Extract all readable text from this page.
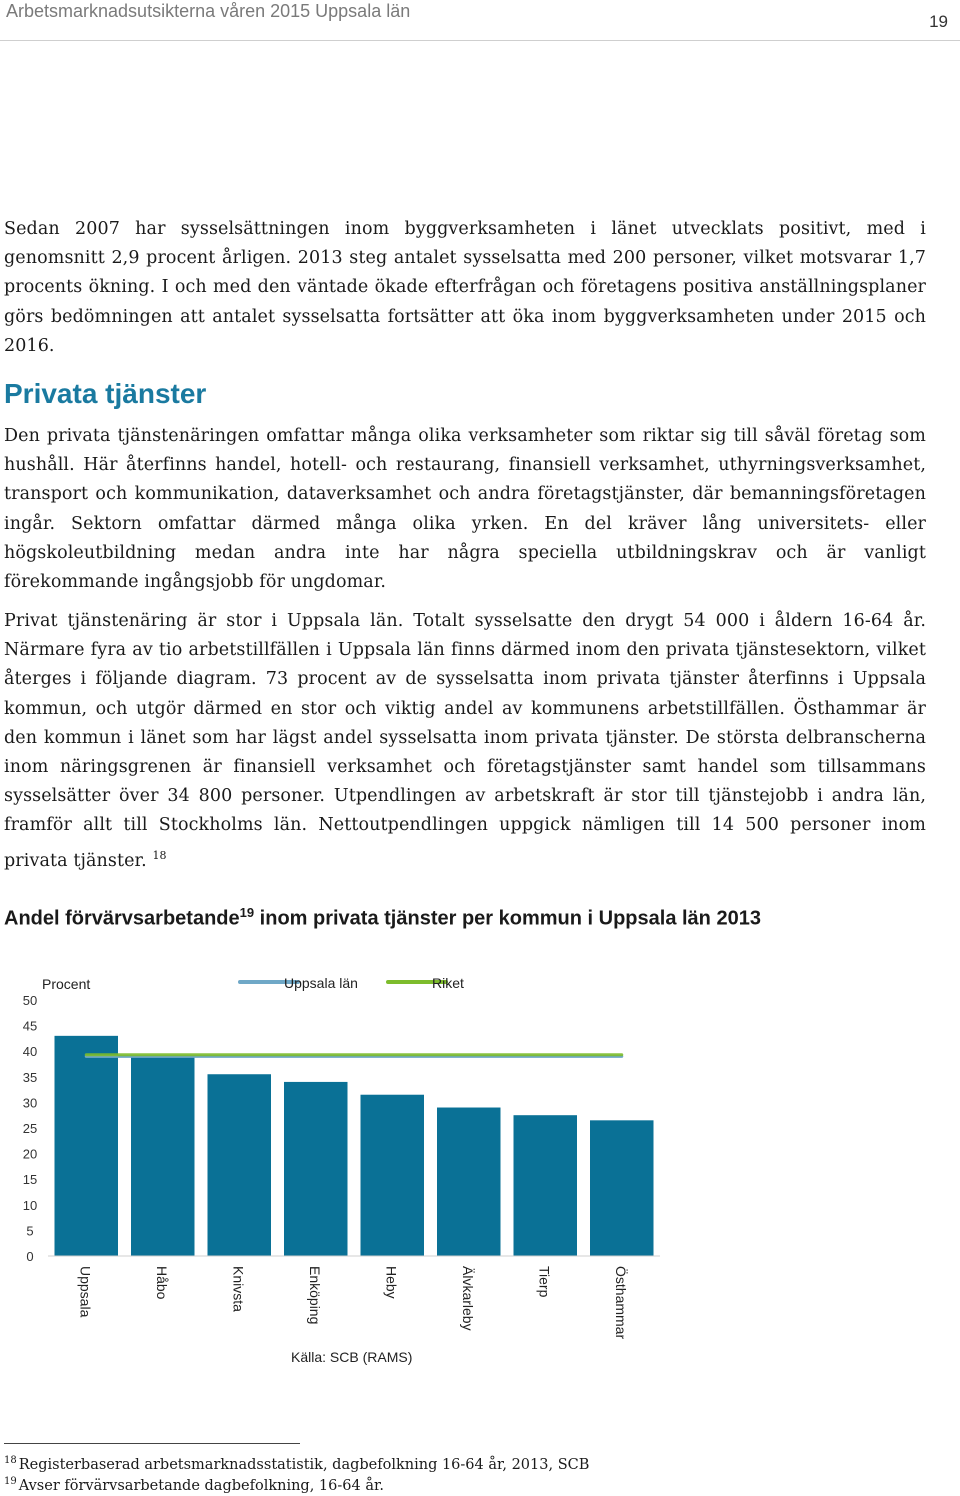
Arbetsmarknadsutsikterna våren 2015 Uppsala län
19

Sedan 2007 har sysselsättningen inom byggverksamheten i länet utvecklats positivt, med i genomsnitt 2,9 procent årligen. 2013 steg antalet sysselsatta med 200 personer, vilket motsvarar 1,7 procents ökning. I och med den väntade ökade efterfrågan och företagens positiva anställningsplaner görs bedömningen att antalet sysselsatta fortsätter att öka inom byggverksamheten under 2015 och 2016.

Privata tjänster

Den privata tjänstenäringen omfattar många olika verksamheter som riktar sig till såväl företag som hushåll. Här återfinns handel, hotell- och restaurang, finansiell verksamhet, uthyrningsverksamhet, transport och kommunikation, dataverksamhet och andra företagstjänster, där bemanningsföretagen ingår. Sektorn omfattar därmed många olika yrken. En del kräver lång universitets- eller högskoleutbildning medan andra inte har några speciella utbildningskrav och är vanligt förekommande ingångsjobb för ungdomar.

Privat tjänstenäring är stor i Uppsala län. Totalt sysselsatte den drygt 54 000 i åldern 16-64 år. Närmare fyra av tio arbetstillfällen i Uppsala län finns därmed inom den privata tjänstesektorn, vilket återges i följande diagram. 73 procent av de sysselsatta inom privata tjänster återfinns i Uppsala kommun, och utgör därmed en stor och viktig andel av kommunens arbetstillfällen. Östhammar är den kommun i länet som har lägst andel sysselsatta inom privata tjänster. De största delbranscherna inom näringsgrenen är finansiell verksamhet och företagstjänster samt handel som tillsammans sysselsätter över 34 800 personer. Utpendlingen av arbetskraft är stor till tjänstejobb i andra län, framför allt till Stockholms län. Nettoutpendlingen uppgick nämligen till 14 500 personer inom privata tjänster. $^{18}$

Andel förvärvsarbetande$^{19}$ inom privata tjänster per kommun i Uppsala län 2013
0
5
10
15
20
25
30
35
40
45
50
Procent
Uppsala	Håbo	Knivsta	Enköping	Heby	Älvkarleby	Tierp	Östhammar
Uppsala län	Riket
Källa: SCB (RAMS)
$^{18}$ Registerbaserad arbetsmarknadsstatistik, dagbefolkning 16-64 år, 2013, SCB
$^{19}$ Avser förvärvsarbetande dagbefolkning, 16-64 år.
